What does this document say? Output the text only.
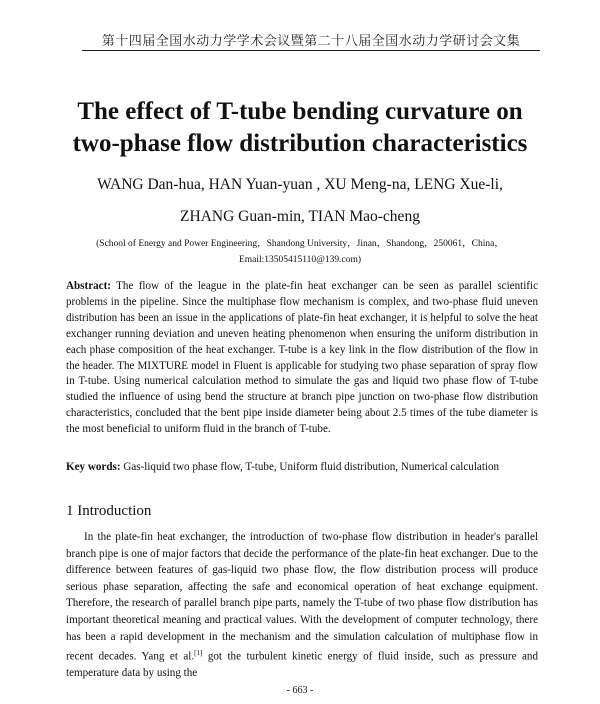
第十四届全国水动力学学术会议暨第二十八届全国水动力学研讨会文集
The effect of T-tube bending curvature on
two-phase flow distribution characteristics
WANG Dan-hua, HAN Yuan-yuan , XU Meng-na, LENG Xue-li,
ZHANG Guan-min, TIAN Mao-cheng
(School of Energy and Power Engineering，Shandong University，Jinan，Shandong，250061，China，
Email:13505415110@139.com)
Abstract: The flow of the league in the plate-fin heat exchanger can be seen as parallel scientific problems in the pipeline. Since the multiphase flow mechanism is complex, and two-phase fluid uneven distribution has been an issue in the applications of plate-fin heat exchanger, it is helpful to solve the heat exchanger running deviation and uneven heating phenomenon when ensuring the uniform distribution in each phase composition of the heat exchanger. T-tube is a key link in the flow distribution of the flow in the header. The MIXTURE model in Fluent is applicable for studying two phase separation of spray flow in T-tube. Using numerical calculation method to simulate the gas and liquid two phase flow of T-tube studied the influence of using bend the structure at branch pipe junction on two-phase flow distribution characteristics, concluded that the bent pipe inside diameter being about 2.5 times of the tube diameter is the most beneficial to uniform fluid in the branch of T-tube.
Key words: Gas-liquid two phase flow, T-tube, Uniform fluid distribution, Numerical calculation
1 Introduction
In the plate-fin heat exchanger, the introduction of two-phase flow distribution in header's parallel branch pipe is one of major factors that decide the performance of the plate-fin heat exchanger. Due to the difference between features of gas-liquid two phase flow, the flow distribution process will produce serious phase separation, affecting the safe and economical operation of heat exchange equipment. Therefore, the research of parallel branch pipe parts, namely the T-tube of two phase flow distribution has important theoretical meaning and practical values. With the development of computer technology, there has been a rapid development in the mechanism and the simulation calculation of multiphase flow in recent decades. Yang et al.[1] got the turbulent kinetic energy of fluid inside, such as pressure and temperature data by using the
- 663 -
